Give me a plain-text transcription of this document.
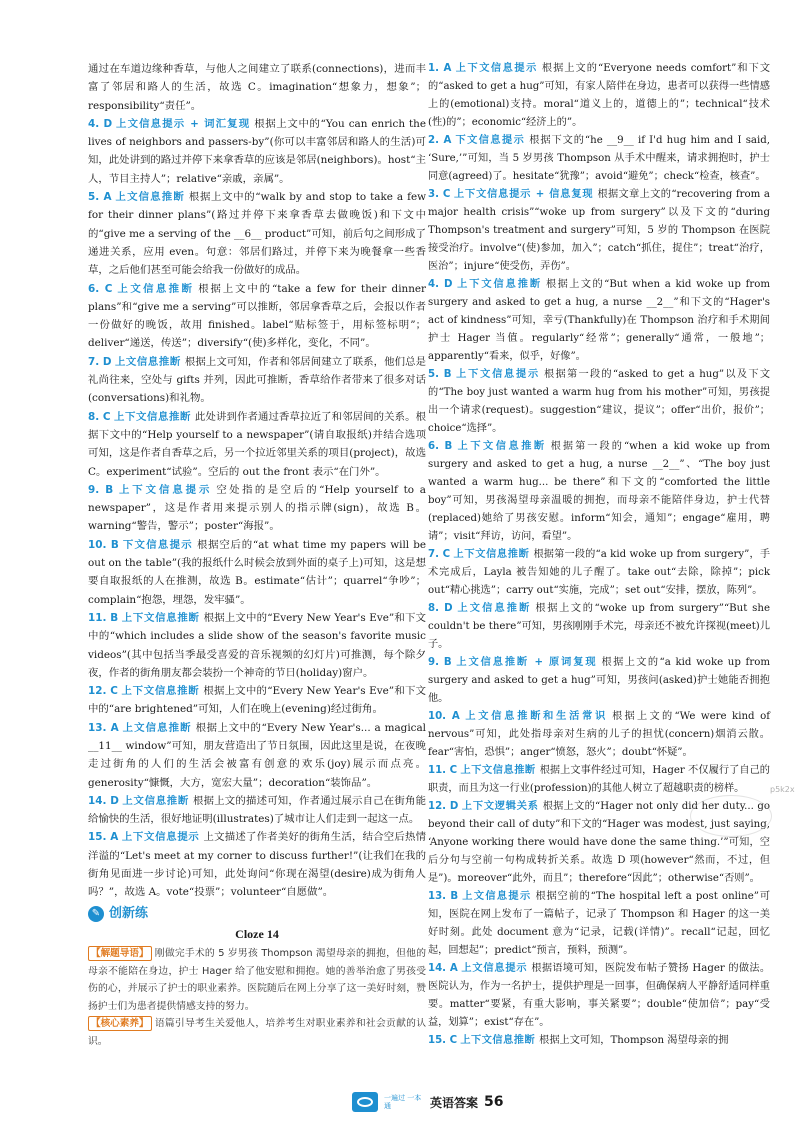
通过在车道边缘种香草，与他人之间建立了联系(connections)，进而丰富了邻居和路人的生活，故选 C。imagination“想象力，想象”；responsibility“责任”。

4. D 上文信息提示 + 词汇复现 根据上文中的“You can enrich the lives of neighbors and passers-by”(你可以丰富邻居和路人的生活)可知，此处讲到的路过并停下来拿香草的应该是邻居(neighbors)。host“主人，节目主持人”；relative“亲戚，亲属”。

5. A 上文信息推断 根据上文中的“walk by and stop to take a few for their dinner plans”(路过并停下来拿香草去做晚饭)和下文中的“give me a serving of the __6__ product”可知，前后句之间形成了递进关系，应用 even。句意：邻居们路过，并停下来为晚餐拿一些香草，之后他们甚至可能会给我一份做好的成品。

6. C 上文信息推断 根据上文中的“take a few for their dinner plans”和“give me a serving”可以推断，邻居拿香草之后，会报以作者一份做好的晚饭，故用 finished。label“贴标签于，用标签标明”；deliver“递送，传送”；diversify“(使)多样化，变化，不同”。

7. D 上文信息推断 根据上文可知，作者和邻居间建立了联系，他们总是礼尚往来，空处与 gifts 并列，因此可推断，香草给作者带来了很多对话(conversations)和礼物。

8. C 上下文信息推断 此处讲到作者通过香草拉近了和邻居间的关系。根据下文中的“Help yourself to a newspaper”(请自取报纸)并结合选项可知，这是作者自香草之后，另一个拉近邻里关系的项目(project)，故选 C。experiment“试验”。空后的 out the front 表示“在门外”。

9. B 上下文信息提示 空处指的是空后的“Help yourself to a newspaper”，这是作者用来提示别人的指示牌(sign)，故选 B。warning“警告，警示”；poster“海报”。

10. B 下文信息提示 根据空后的“at what time my papers will be out on the table”(我的报纸什么时候会放到外面的桌子上)可知，这是想要自取报纸的人在推测，故选 B。estimate“估计”；quarrel“争吵”；complain“抱怨，埋怨，发牢骚”。

11. B 上下文信息推断 根据上文中的“Every New Year's Eve”和下文中的“which includes a slide show of the season's favorite music videos”(其中包括当季最受喜爱的音乐视频的幻灯片)可推测，每个除夕夜，作者的街角朋友都会装扮一个神奇的节日(holiday)窗户。

12. C 上下文信息推断 根据上文中的“Every New Year's Eve”和下文中的“are brightened”可知，人们在晚上(evening)经过街角。

13. A 上文信息推断 根据上文中的“Every New Year's... a magical __11__ window”可知，朋友营造出了节日氛围，因此这里是说，在夜晚走过街角的人们的生活会被富有创意的欢乐(joy)展示而点亮。generosity“慷慨，大方，宽宏大量”；decoration“装饰品”。

14. D 上文信息推断 根据上文的描述可知，作者通过展示自己在街角能给愉快的生活，很好地证明(illustrates)了城市让人们走到一起这一点。

15. A 上下文信息提示 上文描述了作者美好的街角生活，结合空后热情洋溢的“Let's meet at my corner to discuss further!”(让我们在我的街角见面进一步讨论)可知，此处询问“你现在渴望(desire)成为街角人吗？”，故选 A。vote“投票”；volunteer“自愿做”。

✎ 创新练
Cloze 14

【解题导语】 刚做完手术的 5 岁男孩 Thompson 渴望母亲的拥抱，但他的母亲不能陪在身边，护士 Hager 给了他安慰和拥抱。她的善举治愈了男孩受伤的心，并展示了护士的职业素养。医院随后在网上分享了这一美好时刻，赞扬护士们为患者提供情感支持的努力。

【核心素养】 语篇引导考生关爱他人，培养考生对职业素养和社会贡献的认识。

1. A 上下文信息提示 根据上文的“Everyone needs comfort”和下文的“asked to get a hug”可知，有家人陪伴在身边，患者可以获得一些情感上的(emotional)支持。moral“道义上的，道德上的”；technical“技术(性)的”；economic“经济上的”。

2. A 下文信息提示 根据下文的“he __9__ if I'd hug him and I said, ‘Sure,’”可知，当 5 岁男孩 Thompson 从手术中醒来，请求拥抱时，护士同意(agreed)了。hesitate“犹豫”；avoid“避免”；check“检查，核查”。

3. C 上下文信息提示 + 信息复现 根据文章上文的“recovering from a major health crisis”“woke up from surgery”以及下文的“during Thompson's treatment and surgery”可知，5 岁的 Thompson 在医院接受治疗。involve“(使)参加，加入”；catch“抓住，捉住”；treat“治疗，医治”；injure“使受伤，弄伤”。

4. D 上下文信息推断 根据上文的“But when a kid woke up from surgery and asked to get a hug, a nurse __2__”和下文的“Hager's act of kindness”可知，幸亏(Thankfully)在 Thompson 治疗和手术期间护士 Hager 当值。regularly“经常”；generally“通常，一般地”；apparently“看来，似乎，好像”。

5. B 上下文信息提示 根据第一段的“asked to get a hug”以及下文的“The boy just wanted a warm hug from his mother”可知，男孩提出一个请求(request)。suggestion“建议，提议”；offer“出价，报价”；choice“选择”。

6. B 上下文信息推断 根据第一段的“when a kid woke up from surgery and asked to get a hug, a nurse __2__”、“The boy just wanted a warm hug... be there”和下文的“comforted the little boy”可知，男孩渴望母亲温暖的拥抱，而母亲不能陪伴身边，护士代替(replaced)她给了男孩安慰。inform“知会，通知”；engage“雇用，聘请”；visit“拜访，访问，看望”。

7. C 上下文信息推断 根据第一段的“a kid woke up from surgery”，手术完成后，Layla 被告知她的儿子醒了。take out“去除，除掉”；pick out“精心挑选”；carry out“实施，完成”；set out“安排，摆放，陈列”。

8. D 上文信息推断 根据上文的“woke up from surgery”“But she couldn't be there”可知，男孩刚刚手术完，母亲还不被允许探视(meet)儿子。

9. B 上文信息推断 + 原词复现 根据上文的“a kid woke up from surgery and asked to get a hug”可知，男孩问(asked)护士她能否拥抱他。

10. A 上文信息推断和生活常识 根据上文的“We were kind of nervous”可知，此处指母亲对生病的儿子的担忧(concern)烟消云散。fear“害怕，恐惧”；anger“愤怒，怒火”；doubt“怀疑”。

11. C 上下文信息推断 根据上文事件经过可知，Hager 不仅履行了自己的职责，而且为这一行业(profession)的其他人树立了超越职责的榜样。

12. D 上下文逻辑关系 根据上文的“Hager not only did her duty... go beyond their call of duty”和下文的“Hager was modest, just saying, ‘Anyone working there would have done the same thing.’”可知，空后分句与空前一句构成转折关系。故选 D 项(however“然而，不过，但是”)。moreover“此外，而且”；therefore“因此”；otherwise“否则”。

13. B 上文信息提示 根据空前的“The hospital left a post online”可知，医院在网上发布了一篇帖子，记录了 Thompson 和 Hager 的这一美好时刻。此处 document 意为“记录，记载(详情)”。recall“记起，回忆起，回想起”；predict“预言，预料，预测”。

14. A 上文信息提示 根据语境可知，医院发布帖子赞扬 Hager 的做法。医院认为，作为一名护士，提供护理是一回事，但确保病人平静舒适同样重要。matter“要紧，有重大影响，事关紧要”；double“使加倍”；pay“受益，划算”；exist“存在”。

15. C 上下文信息推断 根据上文可知，Thompson 渴望母亲的拥

p5k2x
一遍过 一本通	英语答案 56
